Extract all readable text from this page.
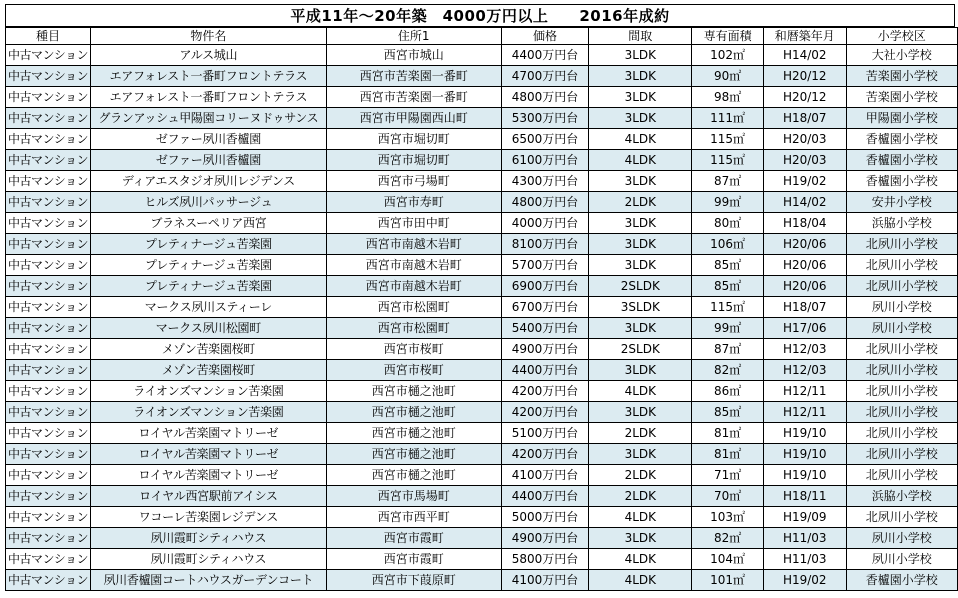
平成11年～20年築　4000万円以上　　2016年成約
種目	物件名	住所1	価格	間取	専有面積	和暦築年月	小学校区
中古マンション	アルス城山	西宮市城山	4400万円台	3LDK	102㎡	H14/02	大社小学校
中古マンション	エアフォレスト一番町フロントテラス	西宮市苦楽園一番町	4700万円台	3LDK	90㎡	H20/12	苦楽園小学校
中古マンション	エアフォレスト一番町フロントテラス	西宮市苦楽園一番町	4800万円台	3LDK	98㎡	H20/12	苦楽園小学校
中古マンション	グランアッシュ甲陽園コリーヌドゥサンス	西宮市甲陽園西山町	5300万円台	3LDK	111㎡	H18/07	甲陽園小学校
中古マンション	ゼファー夙川香櫨園	西宮市堀切町	6500万円台	4LDK	115㎡	H20/03	香櫨園小学校
中古マンション	ゼファー夙川香櫨園	西宮市堀切町	6100万円台	4LDK	115㎡	H20/03	香櫨園小学校
中古マンション	ディアエスタジオ夙川レジデンス	西宮市弓場町	4300万円台	3LDK	87㎡	H19/02	香櫨園小学校
中古マンション	ヒルズ夙川パッサージュ	西宮市寿町	4800万円台	2LDK	99㎡	H14/02	安井小学校
中古マンション	ブラネスーペリア西宮	西宮市田中町	4000万円台	3LDK	80㎡	H18/04	浜脇小学校
中古マンション	プレティナージュ苦楽園	西宮市南越木岩町	8100万円台	3LDK	106㎡	H20/06	北夙川小学校
中古マンション	プレティナージュ苦楽園	西宮市南越木岩町	5700万円台	3LDK	85㎡	H20/06	北夙川小学校
中古マンション	プレティナージュ苦楽園	西宮市南越木岩町	6900万円台	2SLDK	85㎡	H20/06	北夙川小学校
中古マンション	マークス夙川スティーレ	西宮市松園町	6700万円台	3SLDK	115㎡	H18/07	夙川小学校
中古マンション	マークス夙川松園町	西宮市松園町	5400万円台	3LDK	99㎡	H17/06	夙川小学校
中古マンション	メゾン苦楽園桜町	西宮市桜町	4900万円台	2SLDK	87㎡	H12/03	北夙川小学校
中古マンション	メゾン苦楽園桜町	西宮市桜町	4400万円台	3LDK	82㎡	H12/03	北夙川小学校
中古マンション	ライオンズマンション苦楽園	西宮市樋之池町	4200万円台	4LDK	86㎡	H12/11	北夙川小学校
中古マンション	ライオンズマンション苦楽園	西宮市樋之池町	4200万円台	3LDK	85㎡	H12/11	北夙川小学校
中古マンション	ロイヤル苦楽園マトリーゼ	西宮市樋之池町	5100万円台	2LDK	81㎡	H19/10	北夙川小学校
中古マンション	ロイヤル苦楽園マトリーゼ	西宮市樋之池町	4200万円台	3LDK	81㎡	H19/10	北夙川小学校
中古マンション	ロイヤル苦楽園マトリーゼ	西宮市樋之池町	4100万円台	2LDK	71㎡	H19/10	北夙川小学校
中古マンション	ロイヤル西宮駅前アイシス	西宮市馬場町	4400万円台	2LDK	70㎡	H18/11	浜脇小学校
中古マンション	ワコーレ苦楽園レジデンス	西宮市西平町	5000万円台	4LDK	103㎡	H19/09	北夙川小学校
中古マンション	夙川霞町シティハウス	西宮市霞町	4900万円台	3LDK	82㎡	H11/03	夙川小学校
中古マンション	夙川霞町シティハウス	西宮市霞町	5800万円台	4LDK	104㎡	H11/03	夙川小学校
中古マンション	夙川香櫨園コートハウスガーデンコート	西宮市下葭原町	4100万円台	4LDK	101㎡	H19/02	香櫨園小学校
